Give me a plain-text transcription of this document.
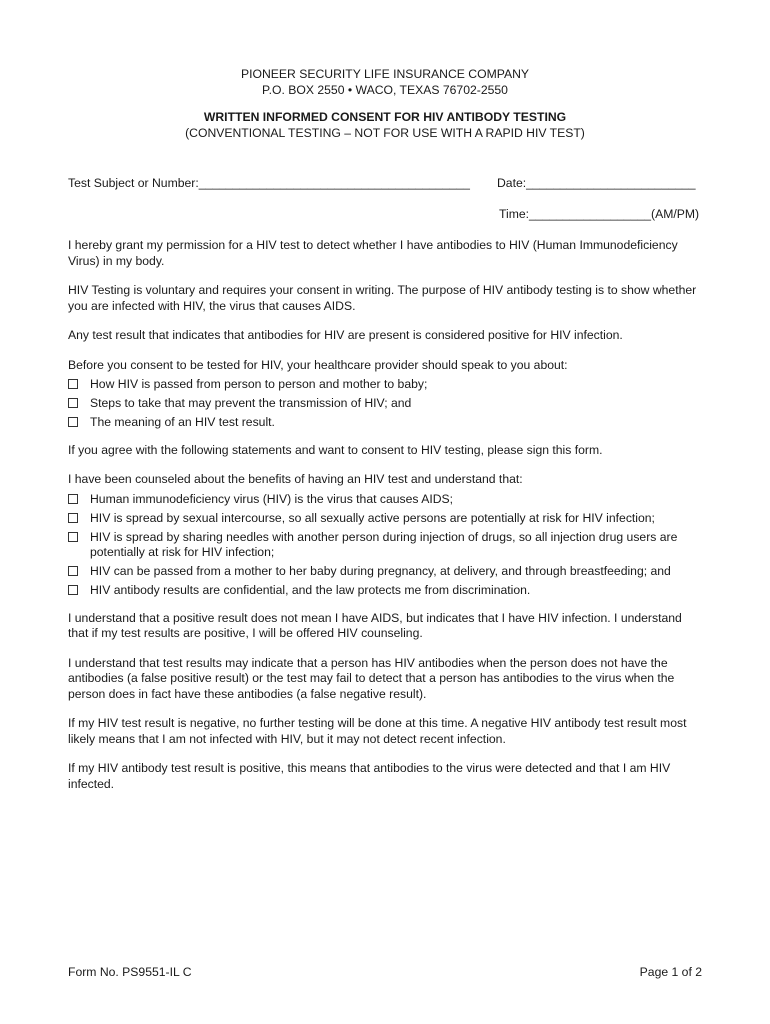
PIONEER SECURITY LIFE INSURANCE COMPANY
P.O. BOX 2550 • WACO, TEXAS 76702-2550
WRITTEN INFORMED CONSENT FOR HIV ANTIBODY TESTING
(CONVENTIONAL TESTING – NOT FOR USE WITH A RAPID HIV TEST)
Test Subject or Number:________________________________________ Date:_________________________
Time:__________________(AM/PM)

I hereby grant my permission for a HIV test to detect whether I have antibodies to HIV (Human Immunodeficiency Virus) in my body.

HIV Testing is voluntary and requires your consent in writing. The purpose of HIV antibody testing is to show whether you are infected with HIV, the virus that causes AIDS.

Any test result that indicates that antibodies for HIV are present is considered positive for HIV infection.

Before you consent to be tested for HIV, your healthcare provider should speak to you about:

How HIV is passed from person to person and mother to baby;
Steps to take that may prevent the transmission of HIV; and
The meaning of an HIV test result.

If you agree with the following statements and want to consent to HIV testing, please sign this form.

I have been counseled about the benefits of having an HIV test and understand that:

Human immunodeficiency virus (HIV) is the virus that causes AIDS;
HIV is spread by sexual intercourse, so all sexually active persons are potentially at risk for HIV infection;
HIV is spread by sharing needles with another person during injection of drugs, so all injection drug users are potentially at risk for HIV infection;
HIV can be passed from a mother to her baby during pregnancy, at delivery, and through breastfeeding; and
HIV antibody results are confidential, and the law protects me from discrimination.

I understand that a positive result does not mean I have AIDS, but indicates that I have HIV infection. I understand that if my test results are positive, I will be offered HIV counseling.

I understand that test results may indicate that a person has HIV antibodies when the person does not have the antibodies (a false positive result) or the test may fail to detect that a person has antibodies to the virus when the person does in fact have these antibodies (a false negative result).

If my HIV test result is negative, no further testing will be done at this time. A negative HIV antibody test result most likely means that I am not infected with HIV, but it may not detect recent infection.

If my HIV antibody test result is positive, this means that antibodies to the virus were detected and that I am HIV infected.

Form No. PS9551-IL C	Page 1 of 2
